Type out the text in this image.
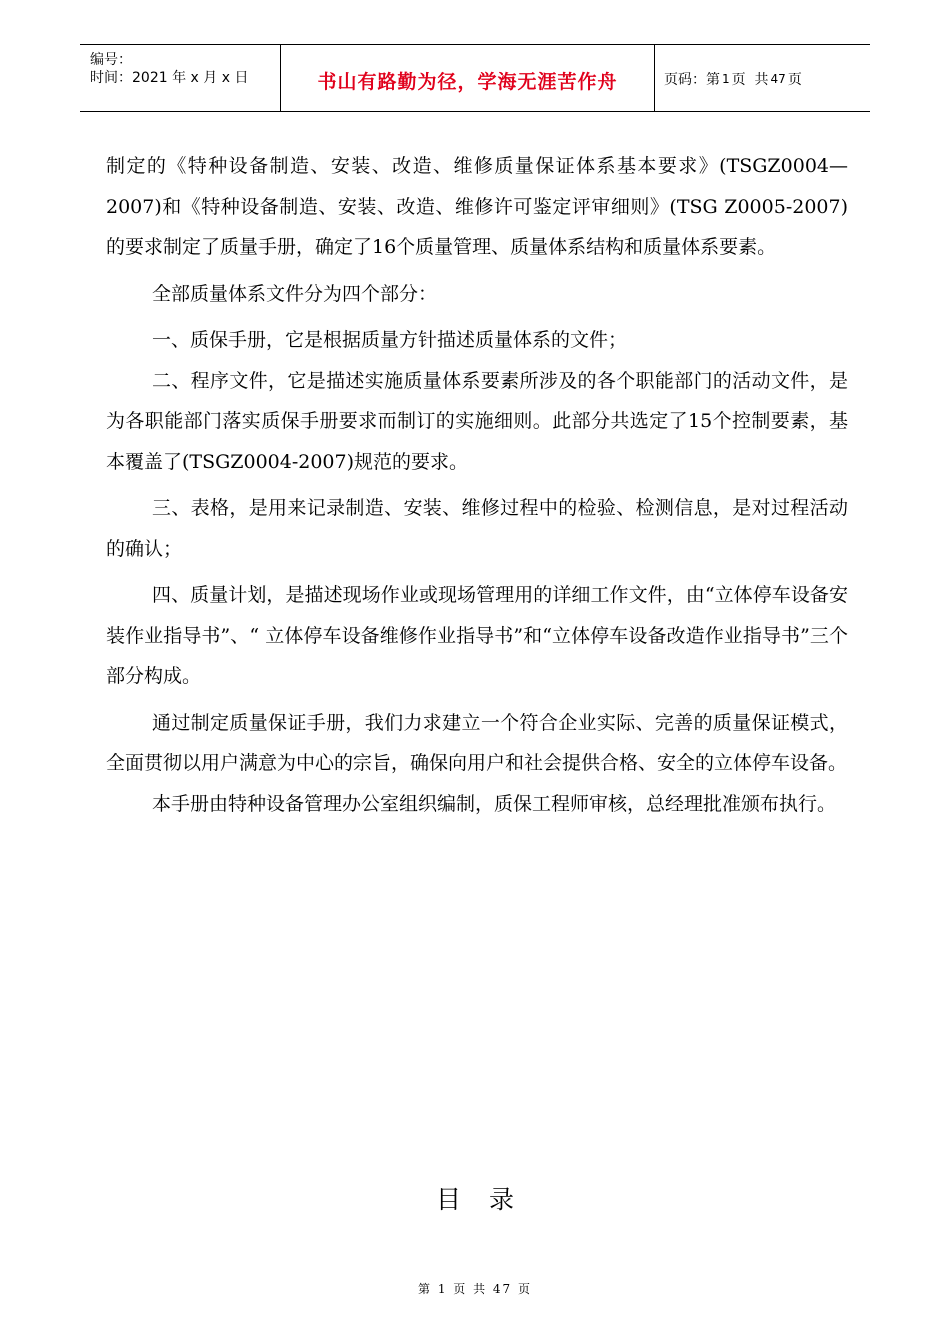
编号：
时间：2021 年 x 月 x 日	书山有路勤为径，学海无涯苦作舟	页码：第 1 页  共 47 页

制定的《特种设备制造、安装、改造、维修质量保证体系基本要求》(TSGZ0004—2007)和《特种设备制造、安装、改造、维修许可鉴定评审细则》(TSG Z0005-2007)的要求制定了质量手册，确定了16个质量管理、质量体系结构和质量体系要素。

全部质量体系文件分为四个部分：

一、质保手册，它是根据质量方针描述质量体系的文件；

二、程序文件，它是描述实施质量体系要素所涉及的各个职能部门的活动文件，是为各职能部门落实质保手册要求而制订的实施细则。此部分共选定了15个控制要素，基本覆盖了(TSGZ0004-2007)规范的要求。

三、表格，是用来记录制造、安装、维修过程中的检验、检测信息，是对过程活动的确认；

四、质量计划，是描述现场作业或现场管理用的详细工作文件，由“立体停车设备安装作业指导书”、“ 立体停车设备维修作业指导书”和“立体停车设备改造作业指导书”三个部分构成。

通过制定质量保证手册，我们力求建立一个符合企业实际、完善的质量保证模式，全面贯彻以用户满意为中心的宗旨，确保向用户和社会提供合格、安全的立体停车设备。

本手册由特种设备管理办公室组织编制，质保工程师审核，总经理批准颁布执行。

目录
第 1 页 共 47 页
